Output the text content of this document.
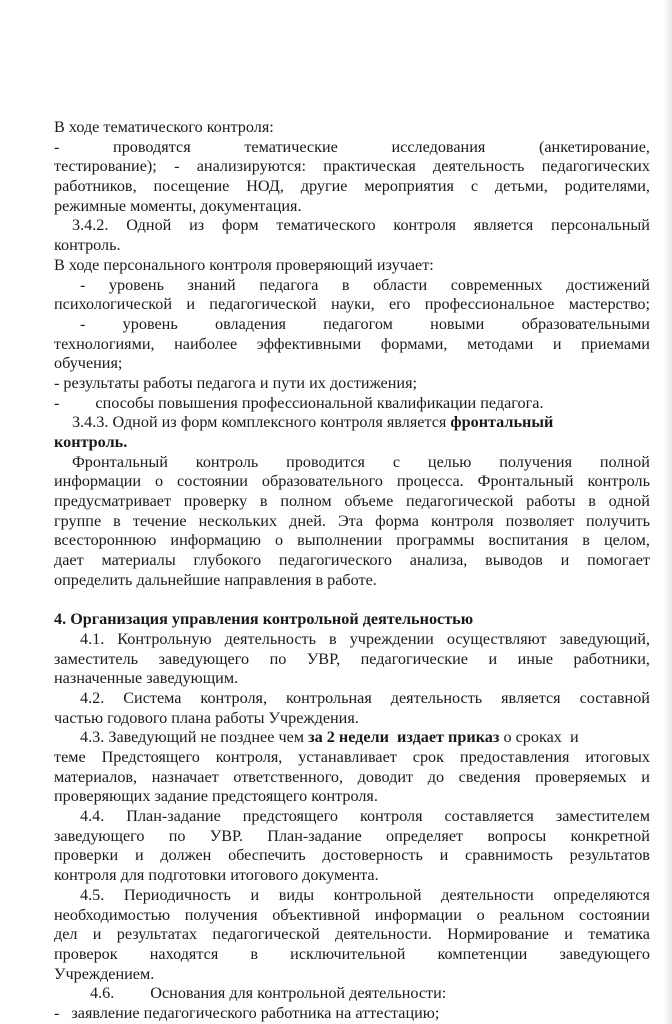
В ходе тематического контроля:
-	проводятся	тематические	исследования	(анкетирование,
тестирование); - анализируются: практическая деятельность педагогических
работников, посещение НОД, другие мероприятия с детьми, родителями,
режимные моменты, документация.
3.4.2. Одной из форм тематического контроля является персональный
контроль.
В ходе персонального контроля проверяющий изучает:
- уровень знаний педагога в области современных достижений
психологической и педагогической науки, его профессиональное мастерство;
- уровень овладения педагогом новыми образовательными
технологиями, наиболее эффективными формами, методами и приемами
обучения;
- результаты работы педагога и пути их достижения;
- способы повышения профессиональной квалификации педагога.
3.4.3. Одной из форм комплексного контроля является фронтальный
контроль.
Фронтальный контроль проводится с целью получения полной
информации о состоянии образовательного процесса. Фронтальный контроль
предусматривает проверку в полном объеме педагогической работы в одной
группе в течение нескольких дней. Эта форма контроля позволяет получить
всестороннюю информацию о выполнении программы воспитания в целом,
дает материалы глубокого педагогического анализа, выводов и помогает
определить дальнейшие направления в работе.
4. Организация управления контрольной деятельностью
4.1. Контрольную деятельность в учреждении осуществляют заведующий,
заместитель заведующего по УВР, педагогические и иные работники,
назначенные заведующим.
4.2. Система контроля, контрольная деятельность является составной
частью годового плана работы Учреждения.
4.3. Заведующий не позднее чем за 2 недели  издает приказ о сроках  и
теме Предстоящего контроля, устанавливает срок предоставления итоговых
материалов, назначает ответственного, доводит до сведения проверяемых и
проверяющих задание предстоящего контроля.
4.4. План-задание предстоящего контроля составляется заместителем
заведующего по УВР. План-задание определяет вопросы конкретной
проверки и должен обеспечить достоверность и сравнимость результатов
контроля для подготовки итогового документа.
4.5. Периодичность и виды контрольной деятельности определяются
необходимостью получения объективной информации о реальном состоянии
дел и результатах педагогической деятельности. Нормирование и тематика
проверок находятся в исключительной компетенции заведующего
Учреждением.
4.6. Основания для контрольной деятельности:
- заявление педагогического работника на аттестацию;
